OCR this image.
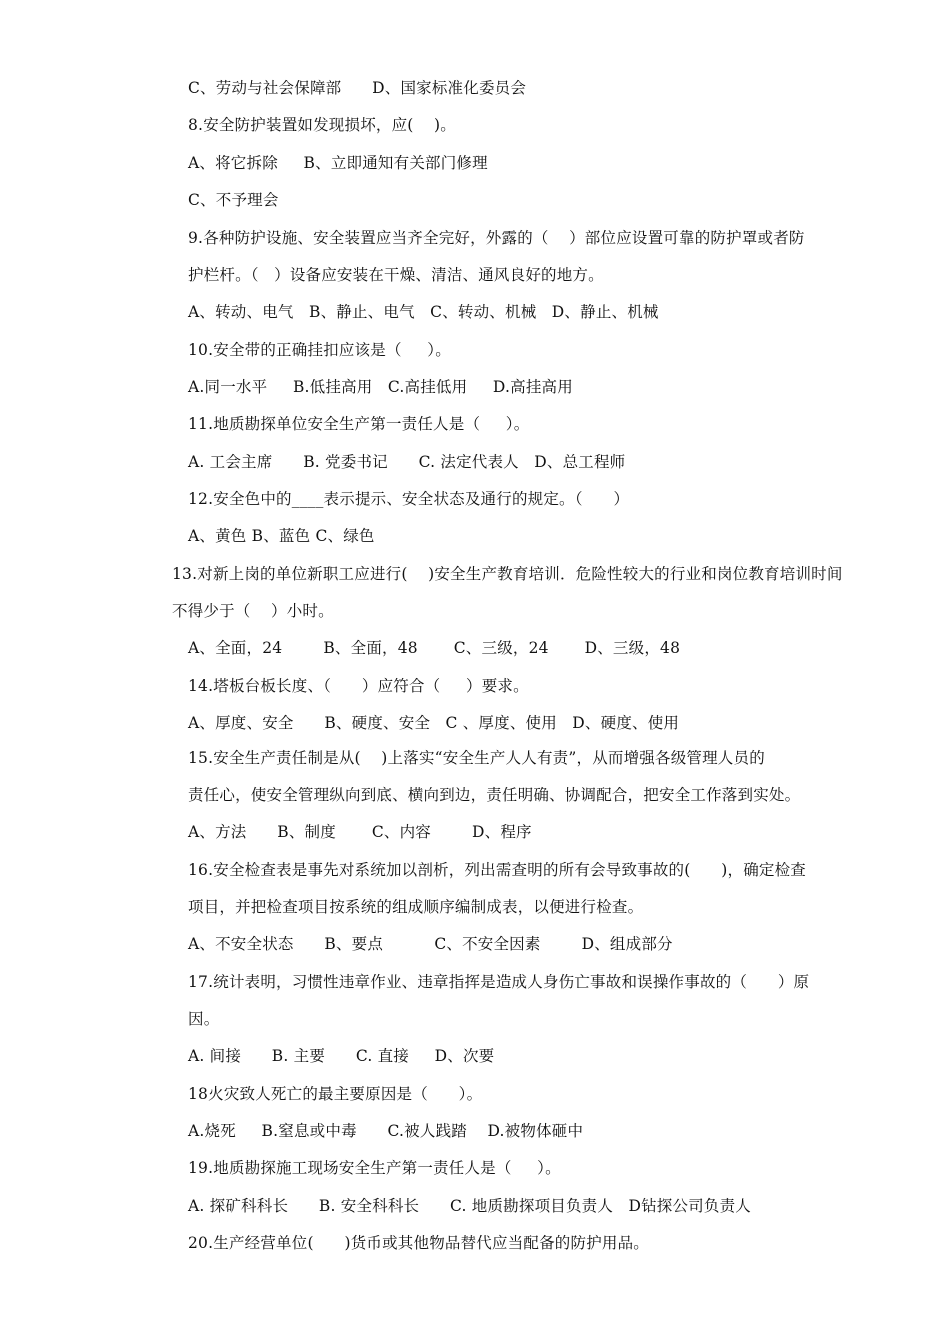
C、劳动与社会保障部      D、国家标准化委员会
8.安全防护装置如发现损坏，应(    )。
A、将它拆除     B、立即通知有关部门修理
C、不予理会
9.各种防护设施、安全装置应当齐全完好，外露的（    ）部位应设置可靠的防护罩或者防
护栏杆。（   ）设备应安装在干燥、清洁、通风良好的地方。
A、转动、电气   B、静止、电气   C、转动、机械   D、静止、机械
10.安全带的正确挂扣应该是（     ）。
A.同一水平     B.低挂高用   C.高挂低用     D.高挂高用
11.地质勘探单位安全生产第一责任人是（     ）。
A. 工会主席      B. 党委书记      C. 法定代表人   D、总工程师
12.安全色中的____表示提示、安全状态及通行的规定。（      ）
A、黄色 B、蓝色 C、绿色
13.对新上岗的单位新职工应进行(    )安全生产教育培训．危险性较大的行业和岗位教育培训时间
不得少于（    ）小时。
A、全面，24        B、全面，48       C、三级，24       D、三级，48
14.塔板台板长度、（      ）应符合（     ）要求。
A、厚度、安全      B、硬度、安全   C 、厚度、使用   D、硬度、使用
15.安全生产责任制是从(    )上落实“安全生产人人有责”，从而增强各级管理人员的
责任心，使安全管理纵向到底、横向到边，责任明确、协调配合，把安全工作落到实处。
A、方法      B、制度       C、内容        D、程序
16.安全检查表是事先对系统加以剖析，列出需查明的所有会导致事故的(      )，确定检查
项目，并把检查项目按系统的组成顺序编制成表，以便进行检查。
A、不安全状态      B、要点          C、不安全因素        D、组成部分
17.统计表明，习惯性违章作业、违章指挥是造成人身伤亡事故和误操作事故的（      ）原
因。
A. 间接      B. 主要      C. 直接     D、次要
18火灾致人死亡的最主要原因是（      ）。
A.烧死     B.窒息或中毒      C.被人践踏    D.被物体砸中
19.地质勘探施工现场安全生产第一责任人是（     ）。
A. 探矿科科长      B. 安全科科长      C. 地质勘探项目负责人   D钻探公司负责人
20.生产经营单位(      )货币或其他物品替代应当配备的防护用品。
